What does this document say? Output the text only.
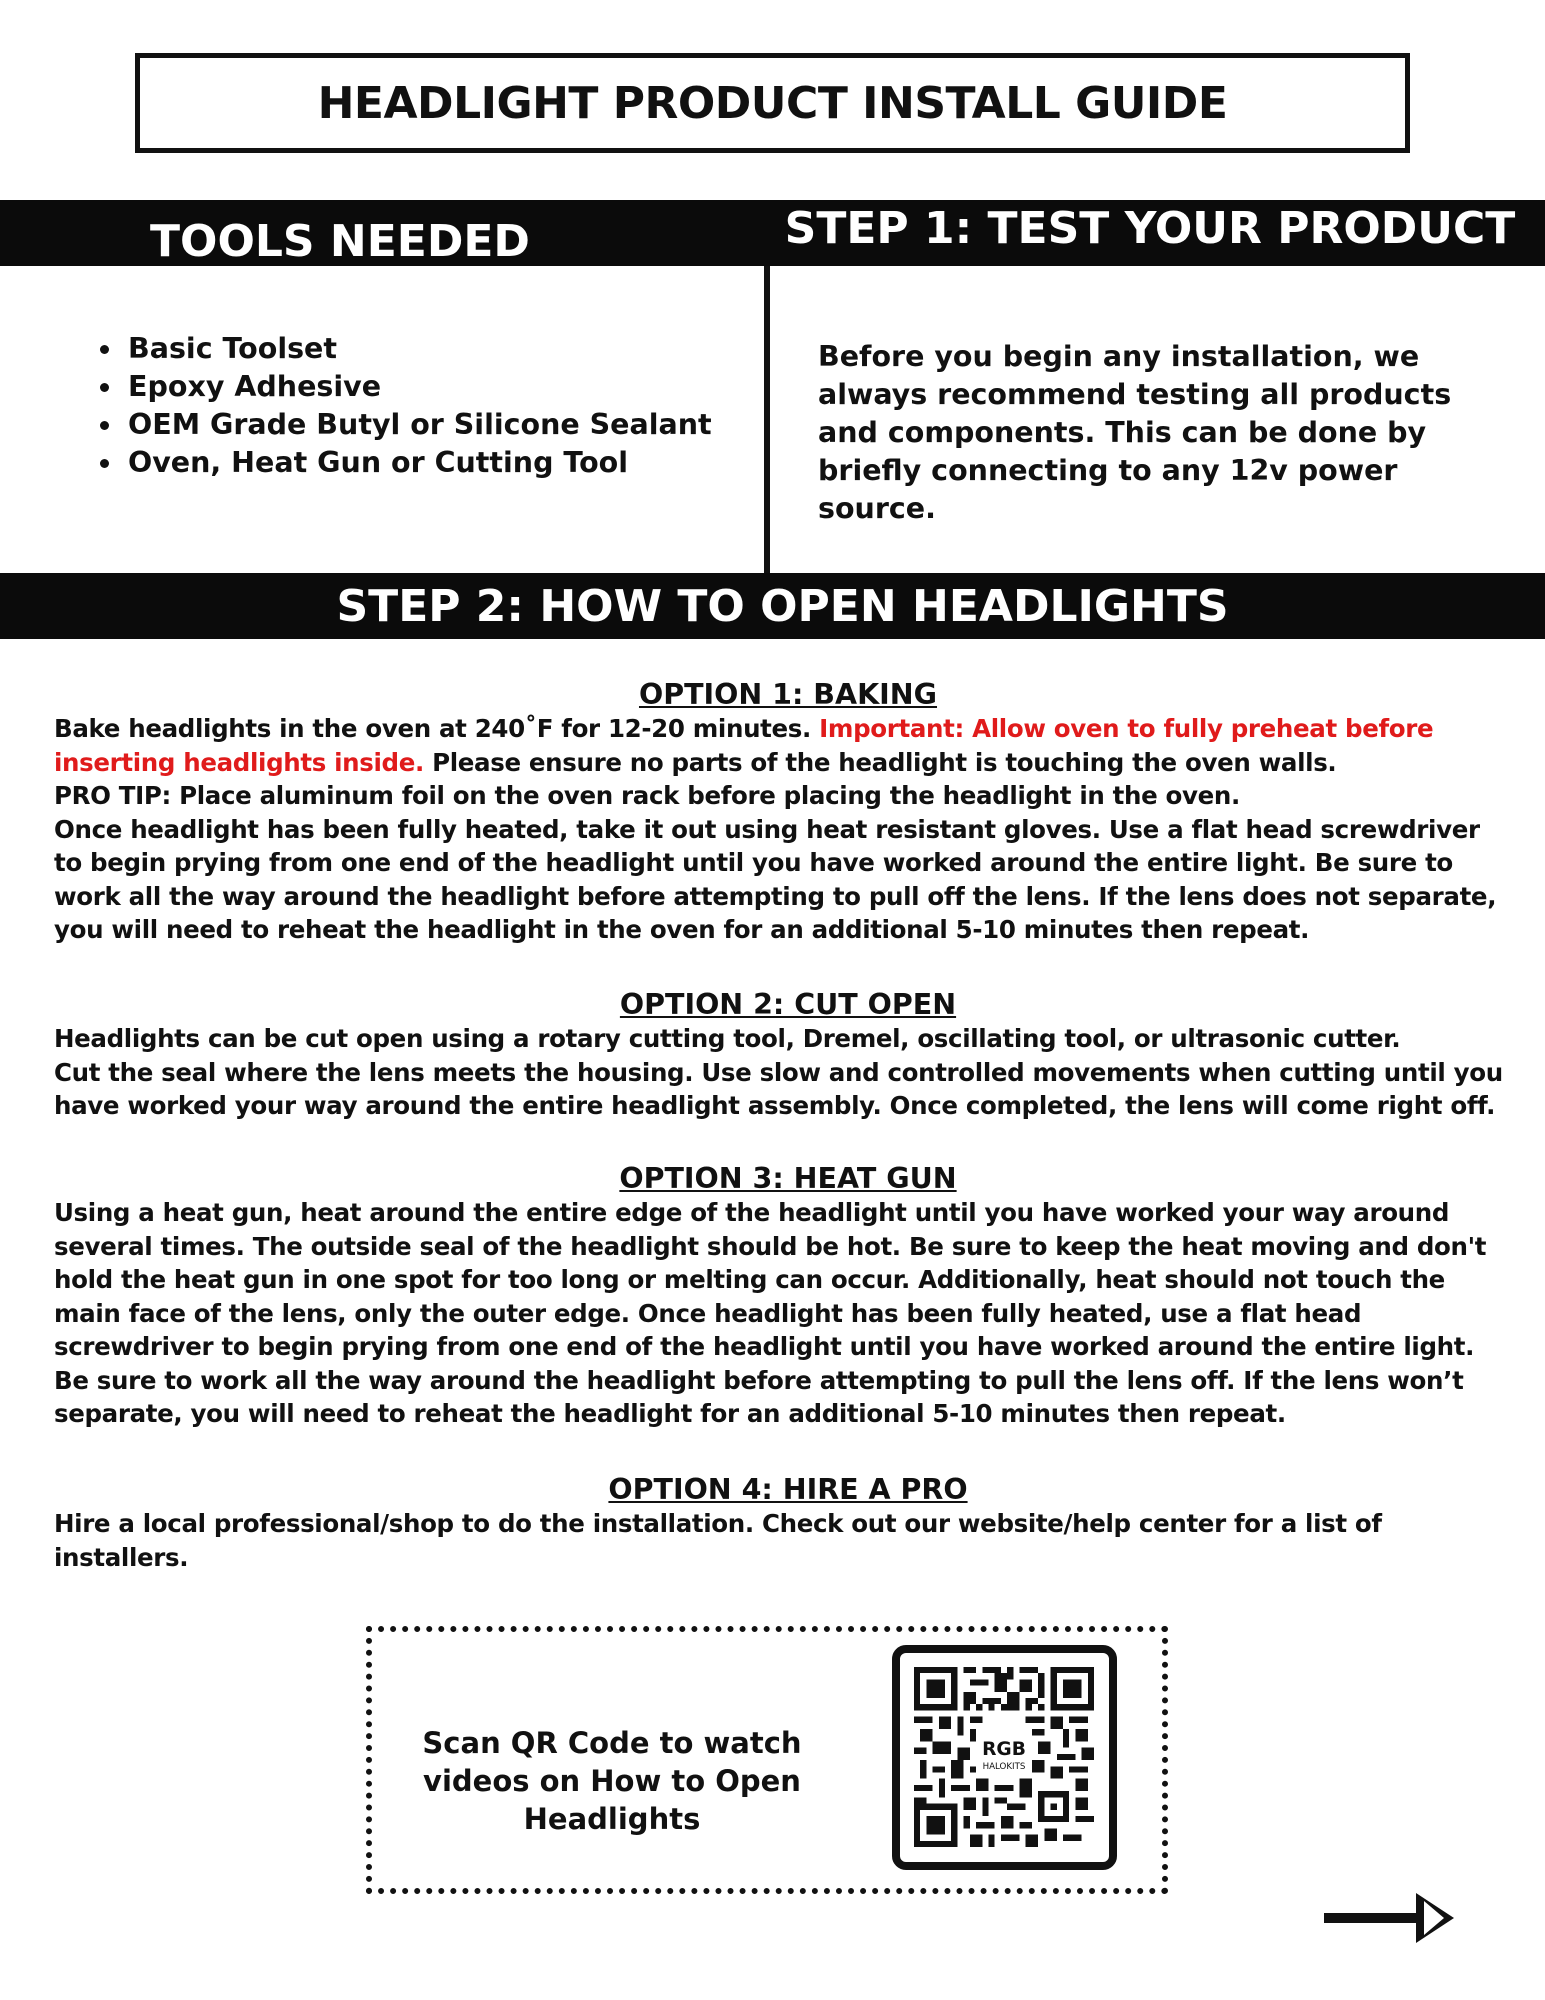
HEADLIGHT PRODUCT INSTALL GUIDE
TOOLS NEEDED	STEP 1: TEST YOUR PRODUCT
• Basic Toolset
• Epoxy Adhesive
• OEM Grade Butyl or Silicone Sealant
• Oven, Heat Gun or Cutting Tool

Before you begin any installation, we always recommend testing all products and components. This can be done by briefly connecting to any 12v power source.

STEP 2: HOW TO OPEN HEADLIGHTS
OPTION 1: BAKING

Bake headlights in the oven at 240˚F for 12-20 minutes. Important: Allow oven to fully preheat before inserting headlights inside. Please ensure no parts of the headlight is touching the oven walls.

PRO TIP: Place aluminum foil on the oven rack before placing the headlight in the oven.

Once headlight has been fully heated, take it out using heat resistant gloves. Use a flat head screwdriver to begin prying from one end of the headlight until you have worked around the entire light. Be sure to work all the way around the headlight before attempting to pull off the lens. If the lens does not separate, you will need to reheat the headlight in the oven for an additional 5-10 minutes then repeat.

OPTION 2: CUT OPEN

Headlights can be cut open using a rotary cutting tool, Dremel, oscillating tool, or ultrasonic cutter.

Cut the seal where the lens meets the housing. Use slow and controlled movements when cutting until you have worked your way around the entire headlight assembly. Once completed, the lens will come right off.

OPTION 3: HEAT GUN

Using a heat gun, heat around the entire edge of the headlight until you have worked your way around several times. The outside seal of the headlight should be hot. Be sure to keep the heat moving and don't hold the heat gun in one spot for too long or melting can occur. Additionally, heat should not touch the main face of the lens, only the outer edge. Once headlight has been fully heated, use a flat head screwdriver to begin prying from one end of the headlight until you have worked around the entire light. Be sure to work all the way around the headlight before attempting to pull the lens off. If the lens won’t separate, you will need to reheat the headlight for an additional 5-10 minutes then repeat.

OPTION 4: HIRE A PRO

Hire a local professional/shop to do the installation. Check out our website/help center for a list of installers.

Scan QR Code to watch videos on How to Open Headlights

RGB
HALOKITS
